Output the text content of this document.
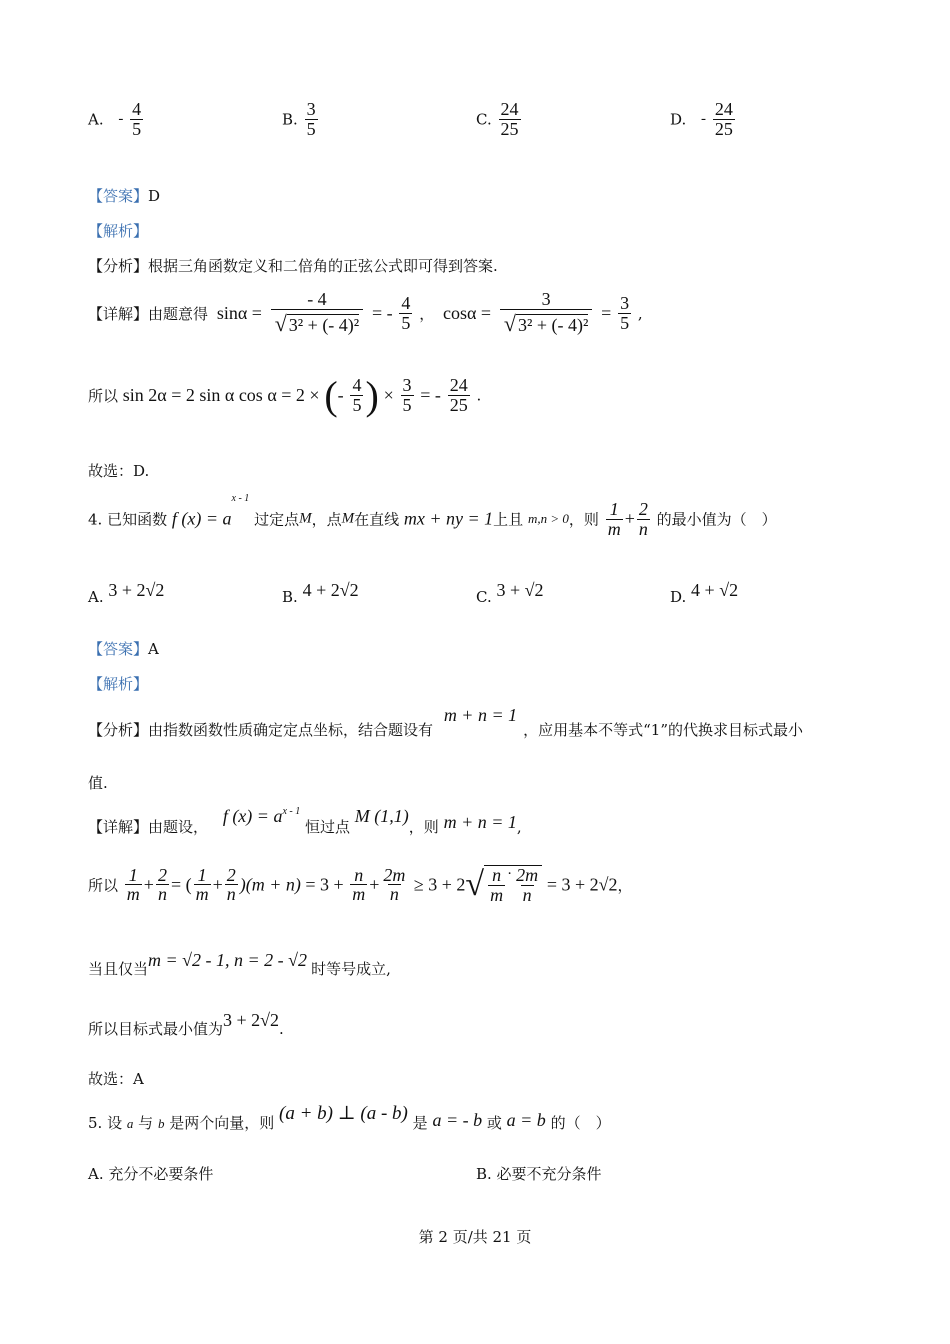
A. - $\frac{4}{5}$	B. $\frac{3}{5}$	C. $\frac{24}{25}$	D. - $\frac{24}{25}$
【答案】D
【解析】
【分析】根据三角函数定义和二倍角的正弦公式即可得到答案.
【详解】由题意得 $\sin\alpha = \frac{- 4}{\text{√ 3² + (- 4)²}}$ = - $\frac{4}{5}$ ， $\cos\alpha = \frac{3}{\text{√ 3² + (- 4)²}} = \frac{3}{5}$ ,
所以 sin 2α = 2 sin α cos α = 2 × (- $\frac{4}{5}$ ) × $\frac{3}{5}$ = - $\frac{24}{25}$ .
故选：D.
4. 已知函数 f $(x) = a^{x - 1}$ 过定点M，点M在直线 mx + ny = 1上且 m,n > 0，则 $\frac{1}{m} + \frac{2}{n}$ 的最小值为（　）
A. 3 + 2√2	B. 4 + 2√2	C. 3 + √2	D. 4 + √2
【答案】A
【解析】
【分析】由指数函数性质确定定点坐标，结合题设有 m + n = 1，应用基本不等式“1”的代换求目标式最小
值.
【详解】由题设， f $(x) = a^{x - 1}$ 恒过点 M (1,1)，则 m + n = 1,
所以 $\frac{1}{m} + \frac{2}{n}$ = ( $\frac{1}{m} + \frac{2}{n} )(m + n) = 3 + \frac{n}{m} + \frac{2m}{n} \ge 3 + 2√ \frac{n}{m} \cdot \frac{2m}{n} = 3 + 2√2$，
当且仅当m = √2 - 1, n = 2 - √2 时等号成立,
所以目标式最小值为3 + 2√2.
故选：A
5. 设 a 与 b 是两个向量，则 (a + b) ⊥ (a - b) 是 a = - b 或 a = b 的（　）
A. 充分不必要条件	B. 必要不充分条件
第 2 页/共 21 页
